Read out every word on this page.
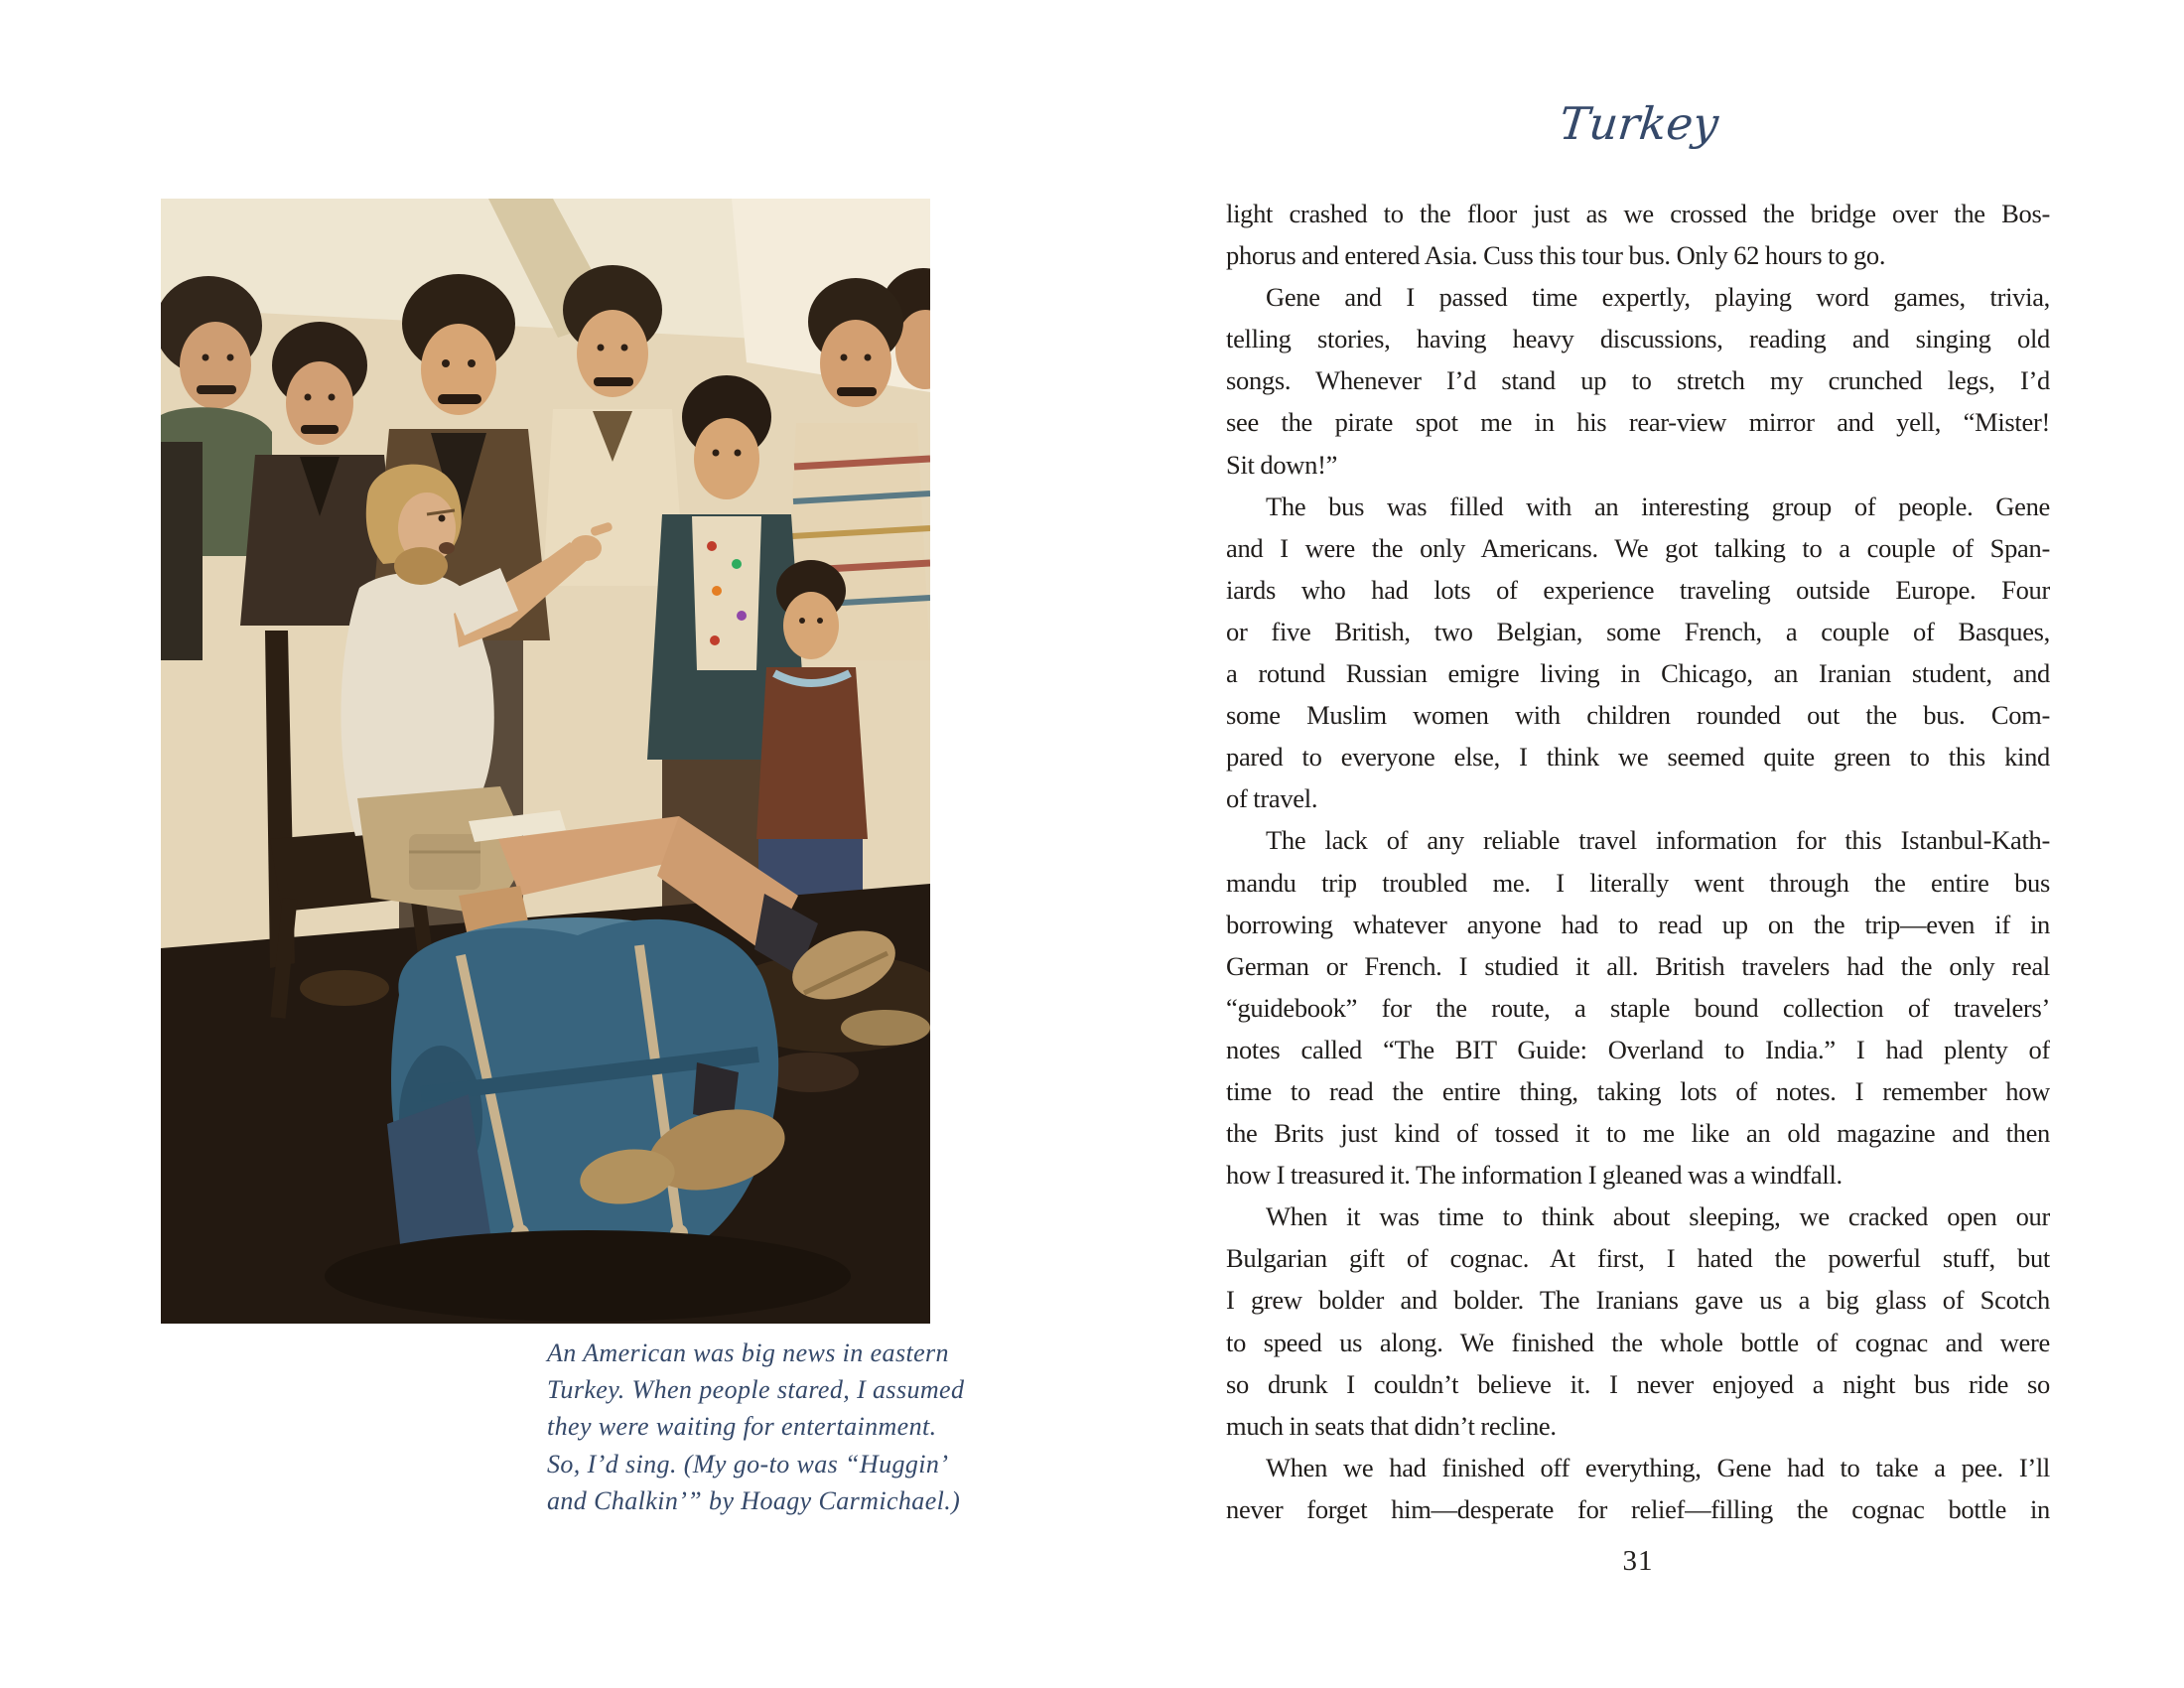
An American was big news in eastern
Turkey. When people stared, I assumed
they were waiting for entertainment.
So, I’d sing. (My go-to was “Huggin’
and Chalkin’” by Hoagy Carmichael.)
Turkey
light crashed to the floor just as we crossed the bridge over the Bos-
phorus and entered Asia. Cuss this tour bus. Only 62 hours to go.
Gene and I passed time expertly, playing word games, trivia,
telling stories, having heavy discussions, reading and singing old
songs. Whenever I’d stand up to stretch my crunched legs, I’d
see the pirate spot me in his rear-view mirror and yell, “Mister!
Sit down!”
The bus was filled with an interesting group of people. Gene
and I were the only Americans. We got talking to a couple of Span-
iards who had lots of experience traveling outside Europe. Four
or five British, two Belgian, some French, a couple of Basques,
a rotund Russian emigre living in Chicago, an Iranian student, and
some Muslim women with children rounded out the bus. Com-
pared to everyone else, I think we seemed quite green to this kind
of travel.
The lack of any reliable travel information for this Istanbul-Kath-
mandu trip troubled me. I literally went through the entire bus
borrowing whatever anyone had to read up on the trip—even if in
German or French. I studied it all. British travelers had the only real
“guidebook” for the route, a staple bound collection of travelers’
notes called “The BIT Guide: Overland to India.” I had plenty of
time to read the entire thing, taking lots of notes. I remember how
the Brits just kind of tossed it to me like an old magazine and then
how I treasured it. The information I gleaned was a windfall.
When it was time to think about sleeping, we cracked open our
Bulgarian gift of cognac. At first, I hated the powerful stuff, but
I grew bolder and bolder. The Iranians gave us a big glass of Scotch
to speed us along. We finished the whole bottle of cognac and were
so drunk I couldn’t believe it. I never enjoyed a night bus ride so
much in seats that didn’t recline.
When we had finished off everything, Gene had to take a pee. I’ll
never forget him—desperate for relief—filling the cognac bottle in
31
